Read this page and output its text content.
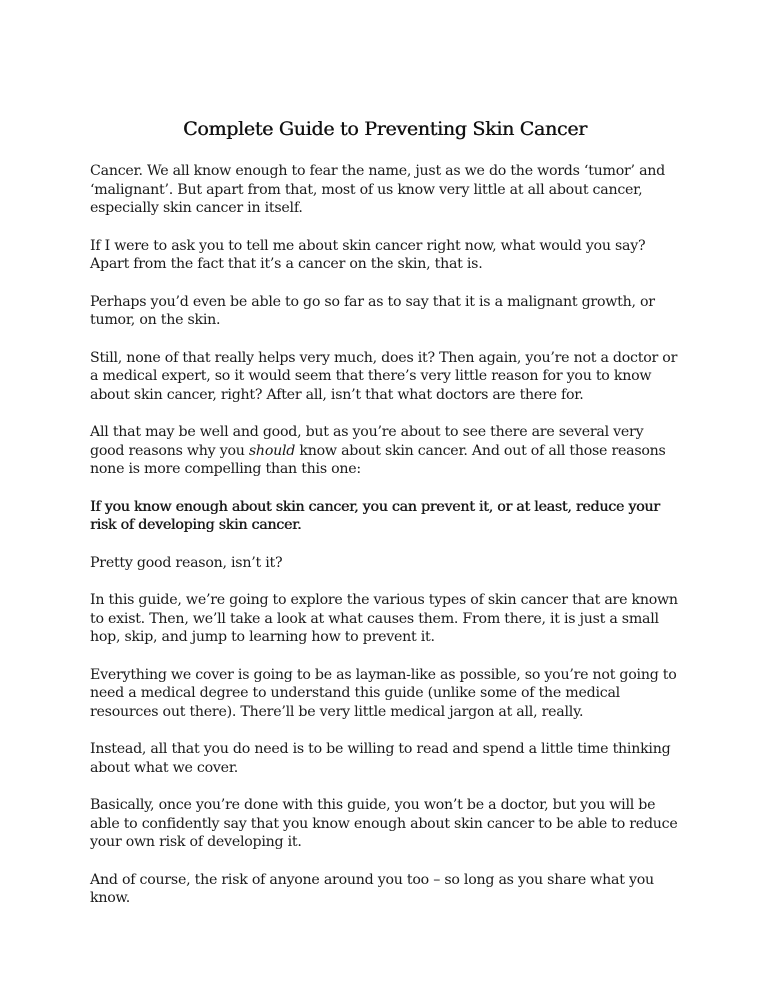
Complete Guide to Preventing Skin Cancer

Cancer. We all know enough to fear the name, just as we do the words ‘tumor’ and ‘malignant’. But apart from that, most of us know very little at all about cancer, especially skin cancer in itself.

If I were to ask you to tell me about skin cancer right now, what would you say? Apart from the fact that it’s a cancer on the skin, that is.

Perhaps you’d even be able to go so far as to say that it is a malignant growth, or tumor, on the skin.

Still, none of that really helps very much, does it? Then again, you’re not a doctor or a medical expert, so it would seem that there’s very little reason for you to know about skin cancer, right? After all, isn’t that what doctors are there for.

All that may be well and good, but as you’re about to see there are several very good reasons why you should know about skin cancer. And out of all those reasons none is more compelling than this one:

If you know enough about skin cancer, you can prevent it, or at least, reduce your risk of developing skin cancer.

Pretty good reason, isn’t it?

In this guide, we’re going to explore the various types of skin cancer that are known to exist. Then, we’ll take a look at what causes them. From there, it is just a small hop, skip, and jump to learning how to prevent it.

Everything we cover is going to be as layman-like as possible, so you’re not going to need a medical degree to understand this guide (unlike some of the medical resources out there). There’ll be very little medical jargon at all, really.

Instead, all that you do need is to be willing to read and spend a little time thinking about what we cover.

Basically, once you’re done with this guide, you won’t be a doctor, but you will be able to confidently say that you know enough about skin cancer to be able to reduce your own risk of developing it.

And of course, the risk of anyone around you too – so long as you share what you know.
